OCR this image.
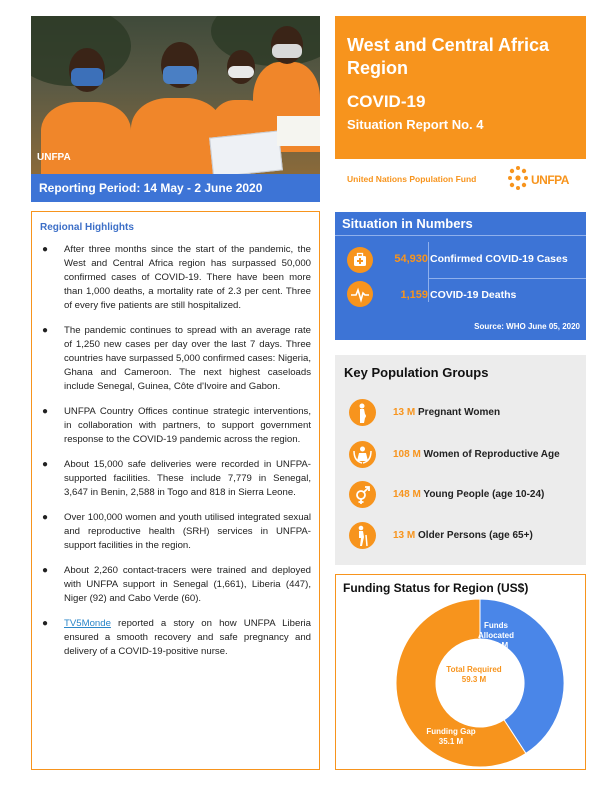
UNFPA
Reporting Period: 14 May - 2 June 2020
West and Central Africa Region
COVID-19
Situation Report No. 4
United Nations Population Fund	UNFPA
Regional Highlights
● After three months since the start of the pandemic, the West and Central Africa region has surpassed 50,000 confirmed cases of COVID-19. There have been more than 1,000 deaths, a mortality rate of 2.3 per cent. Three of every five patients are still hospitalized.
● The pandemic continues to spread with an average rate of 1,250 new cases per day over the last 7 days. Three countries have surpassed 5,000 confirmed cases: Nigeria, Ghana and Cameroon. The next highest caseloads include Senegal, Guinea, Côte d'Ivoire and Gabon.
● UNFPA Country Offices continue strategic interventions, in collaboration with partners, to support government response to the COVID-19 pandemic across the region.
● About 15,000 safe deliveries were recorded in UNFPA-supported facilities. These include 7,779 in Senegal, 3,647 in Benin, 2,588 in Togo and 818 in Sierra Leone.
● Over 100,000 women and youth utilised integrated sexual and reproductive health (SRH) services in UNFPA-support facilities in the region.
● About 2,260 contact-tracers were trained and deployed with UNFPA support in Senegal (1,661), Liberia (447), Niger (92) and Cabo Verde (60).
● TV5Monde reported a story on how UNFPA Liberia ensured a smooth recovery and safe pregnancy and delivery of a COVID-19-positive nurse.
Situation in Numbers
54,930 Confirmed COVID-19 Cases
1,159 COVID-19 Deaths
Source: WHO June 05, 2020
Key Population Groups
13 M Pregnant Women
108 M Women of Reproductive Age
148 M Young People (age 10-24)
13 M Older Persons (age 65+)
Funding Status for Region (US$)
Funds Allocated
24.2 M
Total Required
59.3 M
Funding Gap
35.1 M
